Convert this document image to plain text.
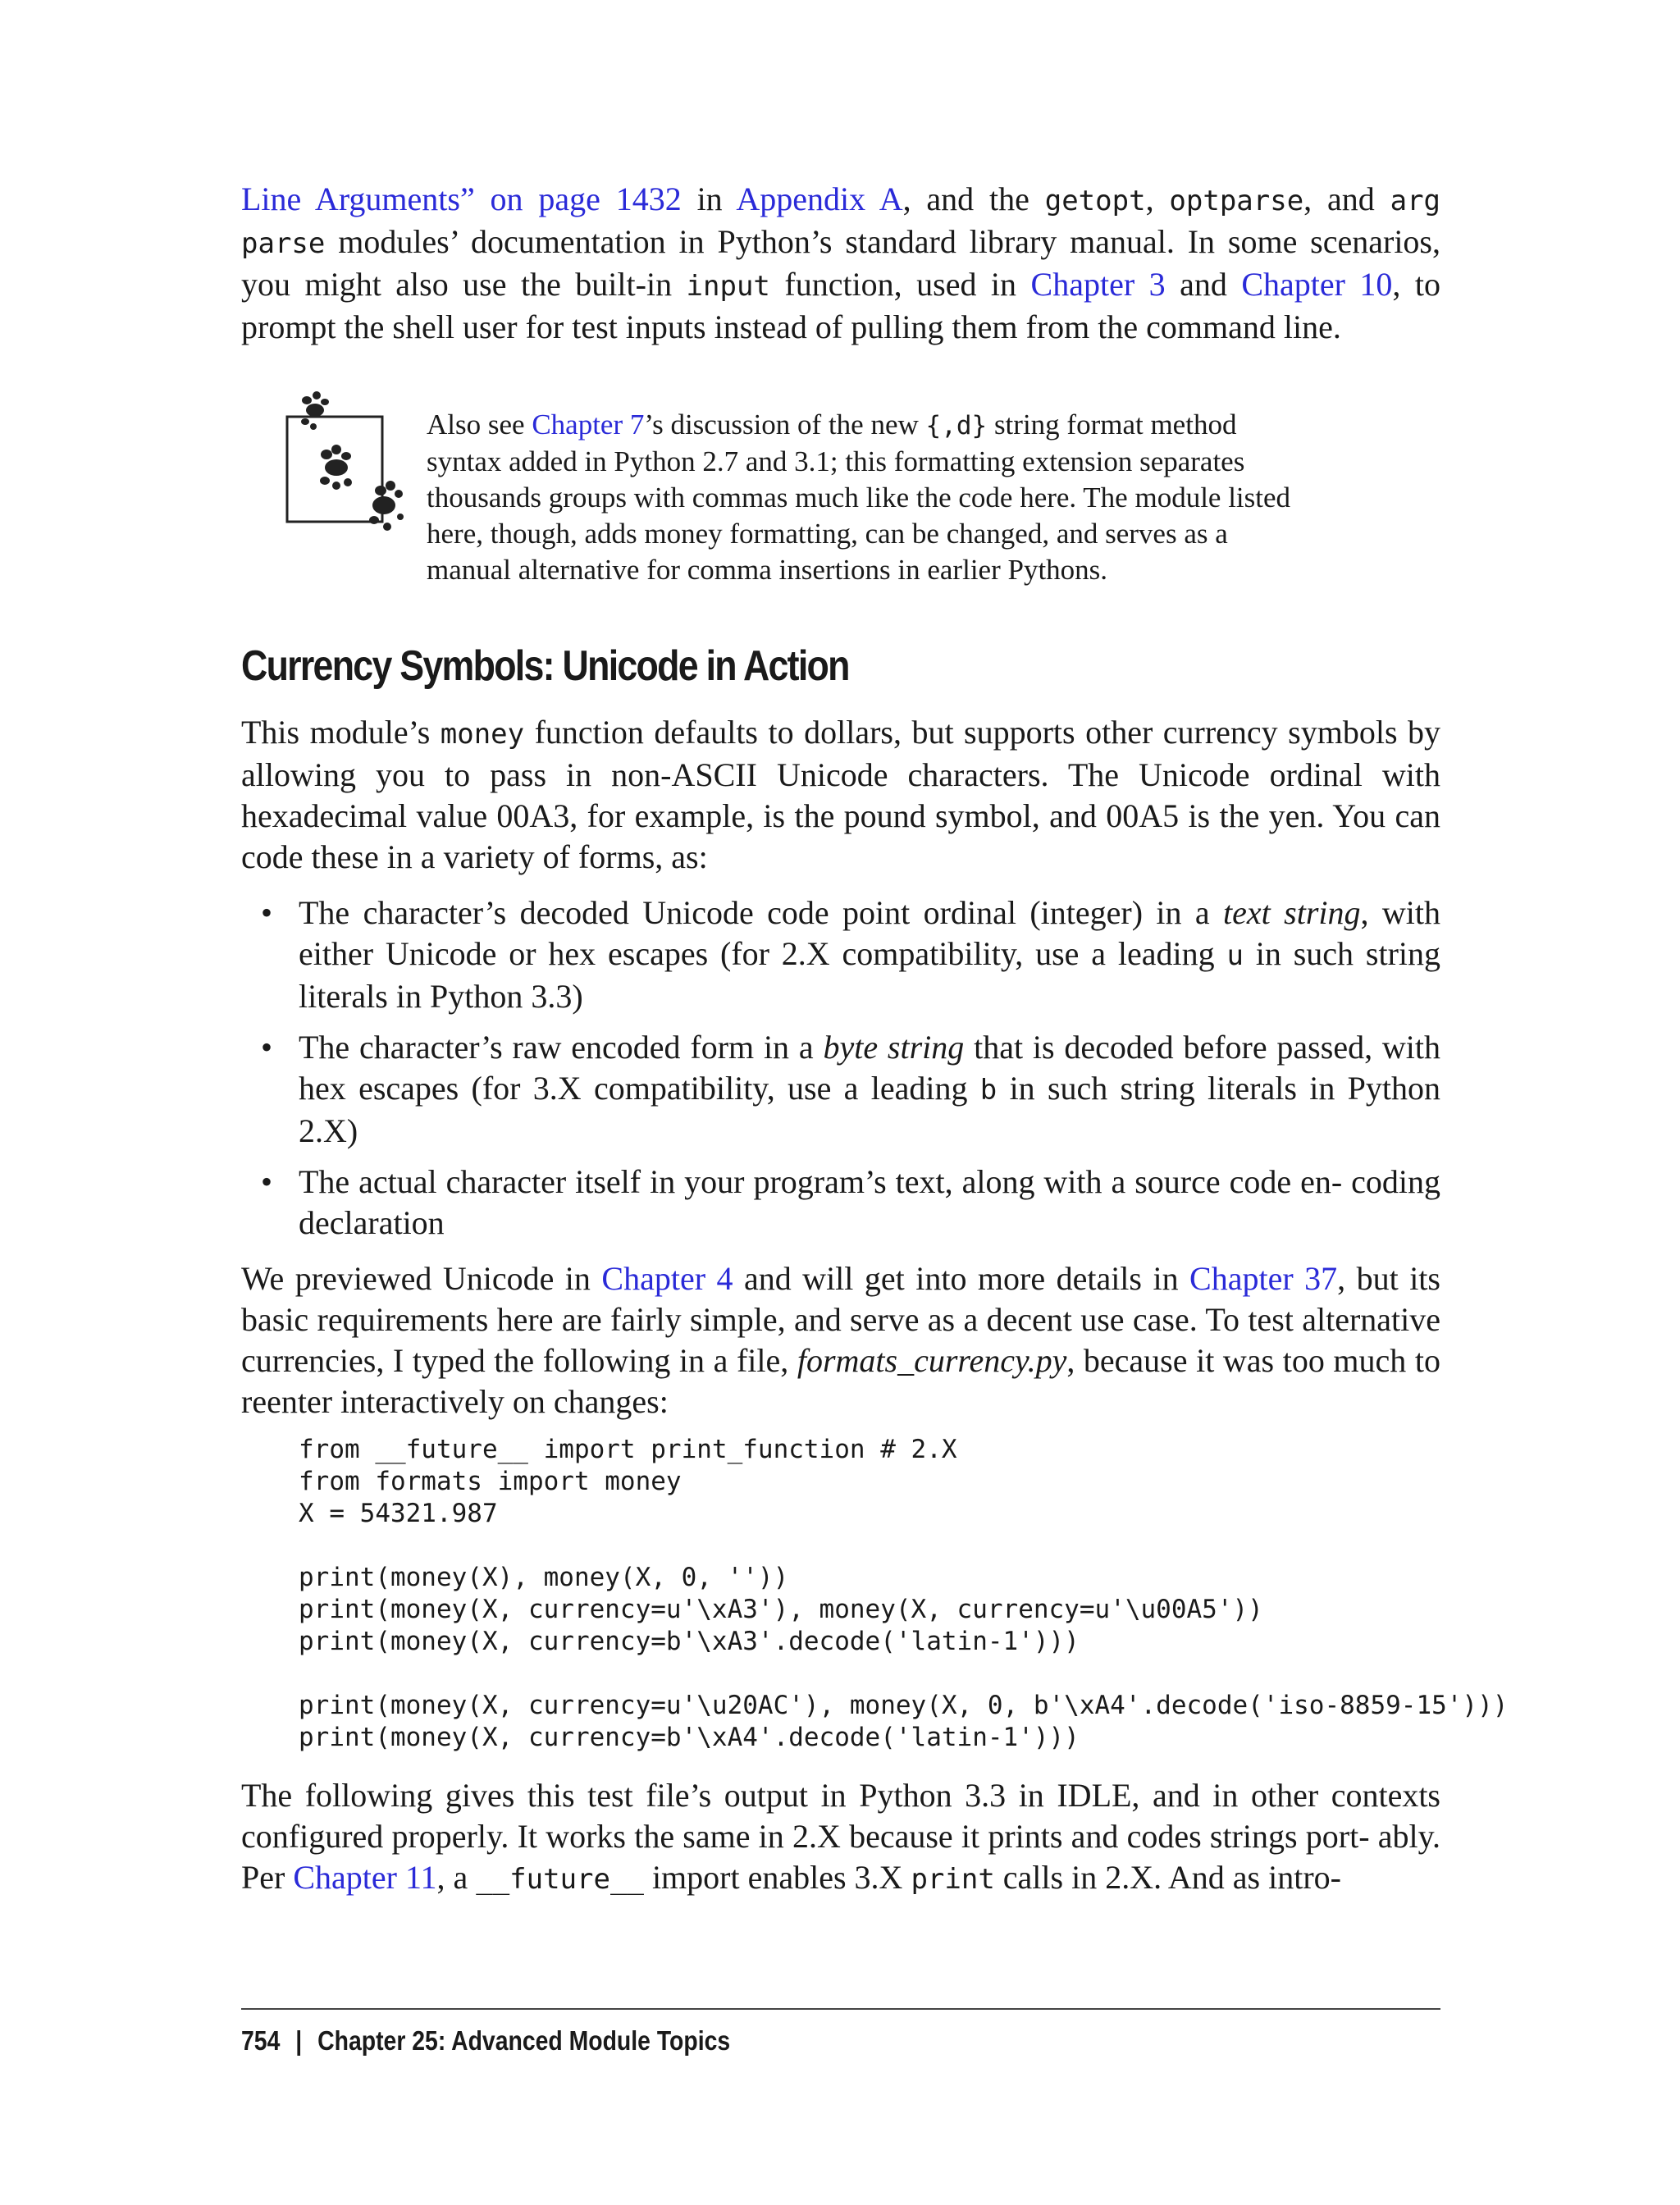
Line Arguments” on page 1432 in Appendix A, and the getopt, optparse, and arg parse modules’ documentation in Python’s standard library manual. In some scenarios, you might also use the built-in input function, used in Chapter 3 and Chapter 10, to prompt the shell user for test inputs instead of pulling them from the command line.

Also see Chapter 7’s discussion of the new {,d} string format method syntax added in Python 2.7 and 3.1; this formatting extension separates thousands groups with commas much like the code here. The module listed here, though, adds money formatting, can be changed, and serves as a manual alternative for comma insertions in earlier Pythons.

Currency Symbols: Unicode in Action

This module’s money function defaults to dollars, but supports other currency symbols by allowing you to pass in non-ASCII Unicode characters. The Unicode ordinal with hexadecimal value 00A3, for example, is the pound symbol, and 00A5 is the yen. You can code these in a variety of forms, as:

• The character’s decoded Unicode code point ordinal (integer) in a text string, with either Unicode or hex escapes (for 2.X compatibility, use a leading u in such string literals in Python 3.3)
• The character’s raw encoded form in a byte string that is decoded before passed, with hex escapes (for 3.X compatibility, use a leading b in such string literals in Python 2.X)
• The actual character itself in your program’s text, along with a source code en- coding declaration

We previewed Unicode in Chapter 4 and will get into more details in Chapter 37, but its basic requirements here are fairly simple, and serve as a decent use case. To test alternative currencies, I typed the following in a file, formats_currency.py, because it was too much to reenter interactively on changes:

from __future__ import print_function # 2.X
from formats import money
X = 54321.987
print(money(X), money(X, 0, ''))
print(money(X, currency=u'\xA3'), money(X, currency=u'\u00A5'))
print(money(X, currency=b'\xA3'.decode('latin-1')))
print(money(X, currency=u'\u20AC'), money(X, 0, b'\xA4'.decode('iso-8859-15')))
print(money(X, currency=b'\xA4'.decode('latin-1')))

The following gives this test file’s output in Python 3.3 in IDLE, and in other contexts configured properly. It works the same in 2.X because it prints and codes strings port- ably. Per Chapter 11, a __future__ import enables 3.X print calls in 2.X. And as intro-

754 | Chapter 25: Advanced Module Topics
